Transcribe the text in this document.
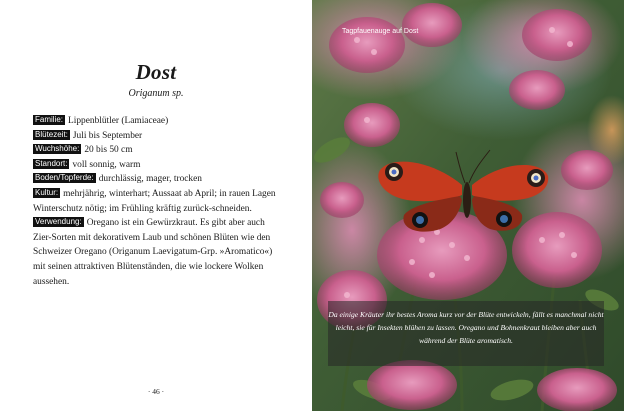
Dost
Origanum sp.

Familie: Lippenblütler (Lamiaceae)

Blütezeit: Juli bis September

Wuchshöhe: 20 bis 50 cm

Standort: voll sonnig, warm

Boden/Topferde: durchlässig, mager, trocken

Kultur: mehrjährig, winterhart; Aussaat ab April; in rauen Lagen Winterschutz nötig; im Frühling kräftig zurück-schneiden.

Verwendung: Oregano ist ein Gewürzkraut. Es gibt aber auch Zier-Sorten mit dekorativem Laub und schönen Blüten wie den Schweizer Oregano (Origanum Laevigatum-Grp. »Aromatico«) mit seinen attraktiven Blütenständen, die wie lockere Wolken aussehen.

· 46 ·
Tagpfauenauge auf Dost
Da einige Kräuter ihr bestes Aroma kurz vor der Blüte entwickeln, fällt es manchmal nicht leicht, sie für Insekten blühen zu lassen. Oregano und Bohnenkraut bleiben aber auch während der Blüte aromatisch.
